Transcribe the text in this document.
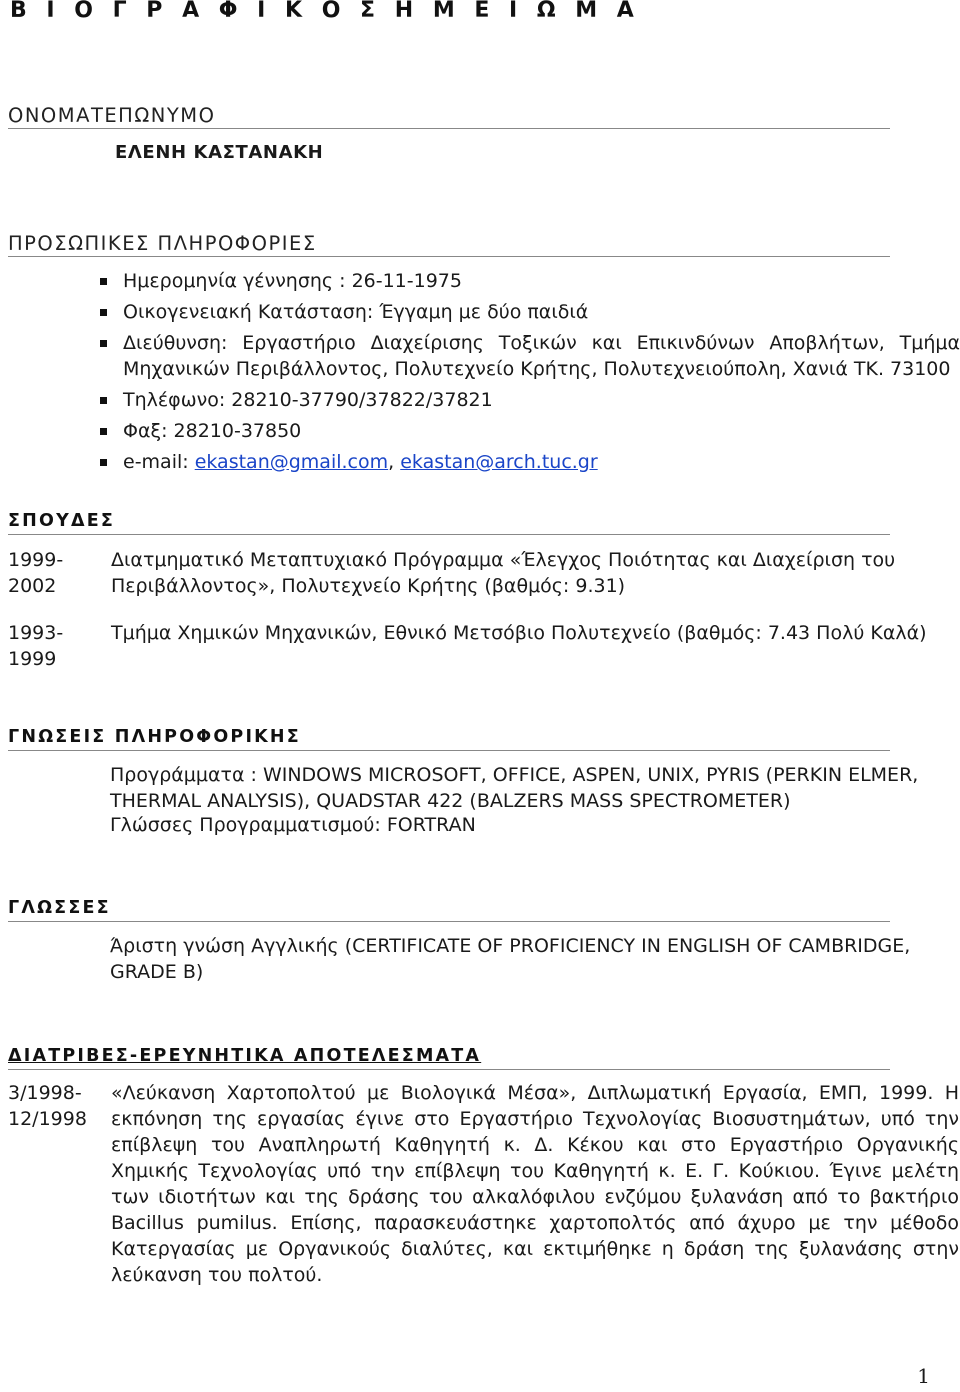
Β Ι Ο Γ Ρ Α Φ Ι Κ Ο Σ Η Μ Ε Ι Ω Μ Α
ΟΝΟΜΑΤΕΠΩΝΥΜΟ
ΕΛΕΝΗ ΚΑΣΤΑΝΑΚΗ
ΠΡΟΣΩΠΙΚΕΣ ΠΛΗΡΟΦΟΡΙΕΣ
Ημερομηνία γέννησης : 26-11-1975
Οικογενειακή Κατάσταση: Έγγαμη με δύο παιδιά
Διεύθυνση: Εργαστήριο Διαχείρισης Τοξικών και Επικινδύνων Αποβλήτων, Τμήμα Μηχανικών Περιβάλλοντος, Πολυτεχνείο Κρήτης, Πολυτεχνειούπολη, Χανιά ΤΚ. 73100
Τηλέφωνο: 28210-37790/37822/37821
Φαξ: 28210-37850
e-mail: ekastan@gmail.com, ekastan@arch.tuc.gr
ΣΠΟΥΔΕΣ
1999-
2002
Διατμηματικό Μεταπτυχιακό Πρόγραμμα «Έλεγχος Ποιότητας και Διαχείριση του Περιβάλλοντος», Πολυτεχνείο Κρήτης (βαθμός: 9.31)
1993-
1999
Τμήμα Χημικών Μηχανικών, Εθνικό Μετσόβιο Πολυτεχνείο (βαθμός: 7.43 Πολύ Καλά)
ΓΝΩΣΕΙΣ ΠΛΗΡΟΦΟΡΙΚΗΣ
Προγράμματα : WINDOWS MICROSOFT, OFFICE, ASPEN, UNIX, PYRIS (PERKIN ELMER, THERMAL ANALYSIS), QUADSTAR 422 (BALZERS MASS SPECTROMETER)
Γλώσσες Προγραμματισμού: FORTRAN
ΓΛΩΣΣΕΣ
Άριστη γνώση Αγγλικής (CERTIFICATE OF PROFICIENCY IN ENGLISH OF CAMBRIDGE, GRADE B)
ΔΙΑΤΡΙΒΕΣ-ΕΡΕΥΝΗΤΙΚΑ ΑΠΟΤΕΛΕΣΜΑΤΑ
3/1998-
12/1998
«Λεύκανση Χαρτοπολτού με Βιολογικά Μέσα», Διπλωματική Εργασία, ΕΜΠ, 1999. Η εκπόνηση της εργασίας έγινε στο Εργαστήριο Τεχνολογίας Βιοσυστημάτων, υπό την επίβλεψη του Αναπληρωτή Καθηγητή κ. Δ. Κέκου και στο Εργαστήριο Οργανικής Χημικής Τεχνολογίας υπό την επίβλεψη του Καθηγητή κ. Ε. Γ. Κούκιου. Έγινε μελέτη των ιδιοτήτων και της δράσης του αλκαλόφιλου ενζύμου ξυλανάση από το βακτήριο Bacillus pumilus. Επίσης, παρασκευάστηκε χαρτοπολτός από άχυρο με την μέθοδο Κατεργασίας με Οργανικούς διαλύτες, και εκτιμήθηκε η δράση της ξυλανάσης στην λεύκανση του πολτού.
1
